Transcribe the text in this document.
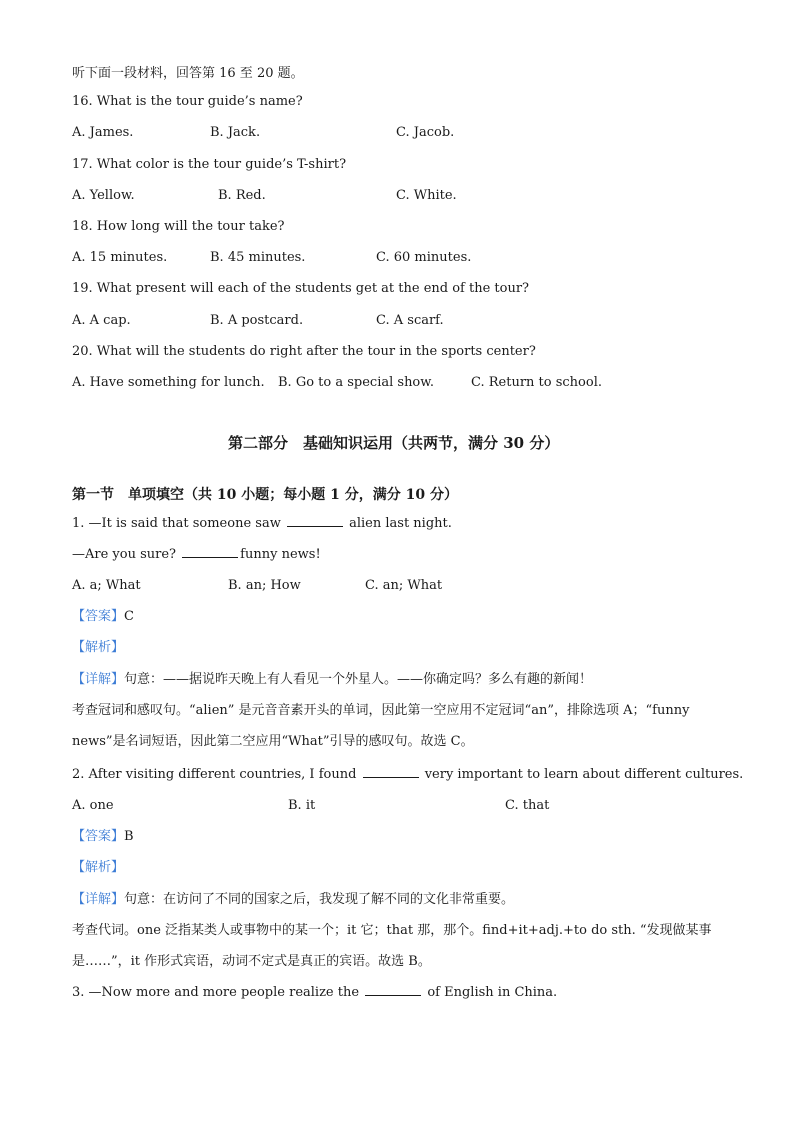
听下面一段材料，回答第 16 至 20 题。
16. What is the tour guide’s name?
A. James.	B. Jack.	C. Jacob.
17. What color is the tour guide’s T-shirt?
A. Yellow.	B. Red.	C. White.
18. How long will the tour take?
A. 15 minutes.	B. 45 minutes.	C. 60 minutes.
19. What present will each of the students get at the end of the tour?
A. A cap.	B. A postcard.	C. A scarf.
20. What will the students do right after the tour in the sports center?
A. Have something for lunch. B. Go to a special show.	C. Return to school.
第二部分　基础知识运用（共两节，满分 30 分）
第一节　单项填空（共 10 小题；每小题 1 分，满分 10 分）
1. —It is said that someone saw	alien last night.
—Are you sure?	funny news!
A. a; What	B. an; How	C. an; What
【答案】C
【解析】
【详解】句意：——据说昨天晚上有人看见一个外星人。——你确定吗？多么有趣的新闻！
考查冠词和感叹句。“alien” 是元音音素开头的单词，因此第一空应用不定冠词“an”，排除选项 A；“funny
news”是名词短语，因此第二空应用“What”引导的感叹句。故选 C。
2. After visiting different countries, I found	very important to learn about different cultures.
A. one	B. it	C. that
【答案】B
【解析】
【详解】句意：在访问了不同的国家之后，我发现了解不同的文化非常重要。
考查代词。one 泛指某类人或事物中的某一个；it 它；that 那，那个。find+it+adj.+to do sth. “发现做某事
是……”，it 作形式宾语，动词不定式是真正的宾语。故选 B。
3. —Now more and more people realize the	of English in China.
